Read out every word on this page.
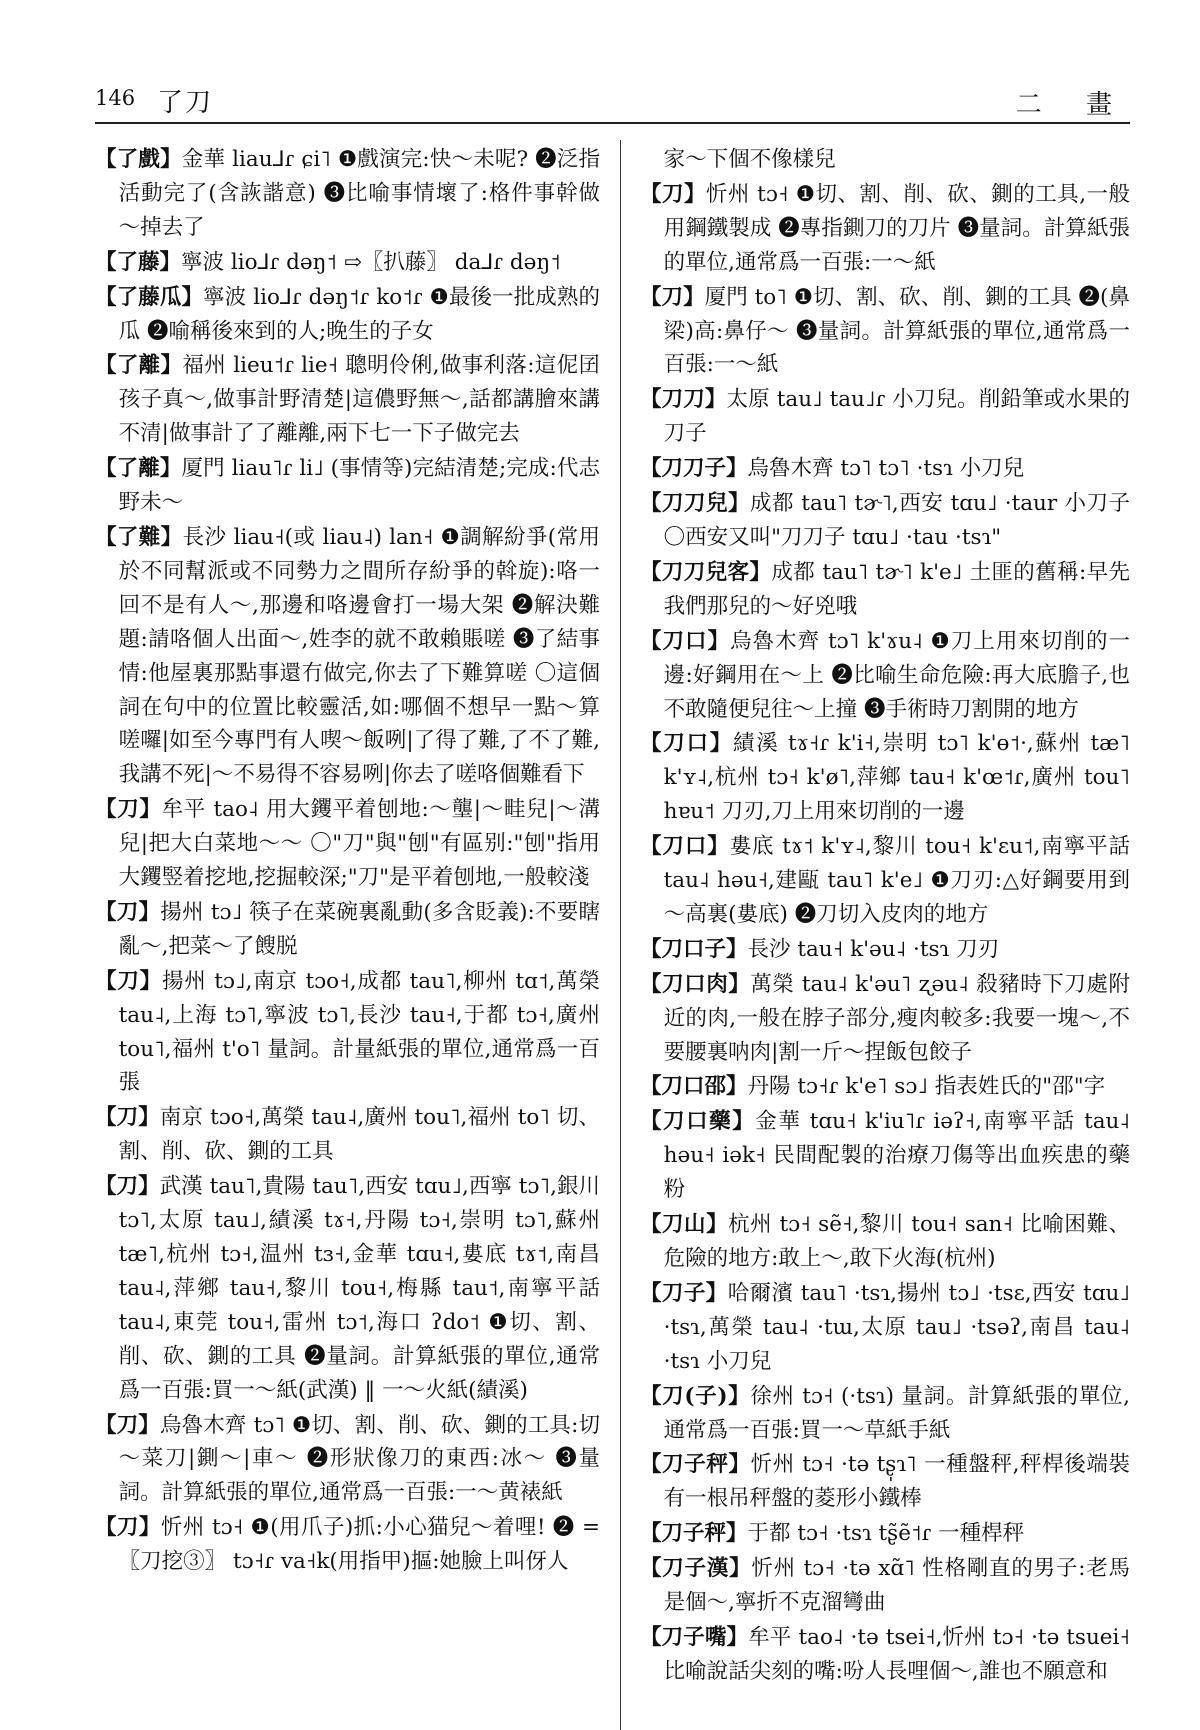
146 了刀	二 畫

【了戲】金華 liau⅃ɾ ɕi˥ ❶戲演完:快～未呢? ❷泛指活動完了(含詼諧意) ❸比喻事情壞了:格件事幹做～掉去了

【了藤】寧波 lio⅃ɾ dəŋ˦ ⇨〖扒藤〗 da⅃ɾ dəŋ˦

【了藤瓜】寧波 lio⅃ɾ dəŋ˦ɾ ko˦ɾ ❶最後一批成熟的瓜 ❷喻稱後來到的人;晚生的子女

【了離】福州 lieu˦ɾ lie˧ 聰明伶俐,做事利落:這伲囝孩子真～,做事計野清楚|這儂野無～,話都講膾來講不清|做事計了了離離,兩下七一下子做完去

【了離】厦門 liau˥ɾ li˩ (事情等)完結清楚;完成:代志野未～

【了難】長沙 liau˧(或 liau˨) lan˧ ❶調解紛爭(常用於不同幫派或不同勢力之間所存紛爭的斡旋):咯一回不是有人～,那邊和咯邊會打一場大架 ❷解決難題:請咯個人出面～,姓李的就不敢賴賬嗟 ❸了結事情:他屋裏那點事還冇做完,你去了下難算嗟 〇這個詞在句中的位置比較靈活,如:哪個不想早一點～算嗟囉|如至今專門有人喫～飯咧|了得了難,了不了難,我講不死|～不易得不容易咧|你去了嗟咯個難看下

【刀】牟平 tao˨ 用大钁平着刨地:～壟|～畦兒|～溝兒|把大白菜地～～ 〇"刀"與"刨"有區别:"刨"指用大钁竪着挖地,挖掘較深;"刀"是平着刨地,一般較淺

【刀】揚州 tɔ˩ 筷子在菜碗裏亂動(多含貶義):不要瞎亂～,把菜～了餿脱

【刀】揚州 tɔ˩,南京 tɔo˧,成都 tau˥,柳州 tɑ˦,萬榮 tau˨,上海 tɔ˥,寧波 tɔ˥,長沙 tau˧,于都 tɔ˧,廣州 tou˥,福州 t'o˥ 量詞。計量紙張的單位,通常爲一百張

【刀】南京 tɔo˧,萬榮 tau˨,廣州 tou˥,福州 to˥ 切、割、削、砍、鍘的工具

【刀】武漢 tau˥,貴陽 tau˥,西安 tɑu˩,西寧 tɔ˥,銀川 tɔ˥,太原 tau˩,績溪 tɤ˧,丹陽 tɔ˧,崇明 tɔ˥,蘇州 tæ˥,杭州 tɔ˧,温州 tɜ˧,金華 tɑu˧,婁底 tɤ˦,南昌 tau˨,萍鄉 tau˧,黎川 tou˧,梅縣 tau˦,南寧平話 tau˨,東莞 tou˧,雷州 tɔ˦,海口 ʔdo˦ ❶切、割、削、砍、鍘的工具 ❷量詞。計算紙張的單位,通常爲一百張:買一～紙(武漢) ‖ 一～火紙(績溪)

【刀】烏魯木齊 tɔ˥ ❶切、割、削、砍、鍘的工具:切～菜刀|鍘～|車～ ❷形狀像刀的東西:冰～ ❸量詞。計算紙張的單位,通常爲一百張:一～黄裱紙

【刀】忻州 tɔ˧ ❶(用爪子)抓:小心猫兒～着哩! ❷ =〖刀挖③〗 tɔ˧ɾ va˧k(用指甲)摳:她臉上叫伢人

家～下個不像樣兒

【刀】忻州 tɔ˧ ❶切、割、削、砍、鍘的工具,一般用鋼鐵製成 ❷專指鍘刀的刀片 ❸量詞。計算紙張的單位,通常爲一百張:一～紙

【刀】厦門 to˥ ❶切、割、砍、削、鍘的工具 ❷(鼻梁)高:鼻仔～ ❸量詞。計算紙張的單位,通常爲一百張:一～紙

【刀刀】太原 tau˩ tau˩ɾ 小刀兒。削鉛筆或水果的刀子

【刀刀子】烏魯木齊 tɔ˥ tɔ˥ ·tsɿ 小刀兒

【刀刀兒】成都 tau˥ tɚ˥,西安 tɑu˩ ·taur 小刀子 〇西安又叫"刀刀子 tɑu˩ ·tau ·tsɿ"

【刀刀兒客】成都 tau˥ tɚ˥ k'e˩ 土匪的舊稱:早先我們那兒的～好兇哦

【刀口】烏魯木齊 tɔ˥ k'ɤu˨ ❶刀上用來切削的一邊:好鋼用在～上 ❷比喻生命危險:再大底膽子,也不敢隨便兒往～上撞 ❸手術時刀割開的地方

【刀口】績溪 tɤ˧ɾ k'i˧,崇明 tɔ˥ k'ɵ˦·,蘇州 tæ˥ k'ʏ˨,杭州 tɔ˧ k'ø˥,萍鄉 tau˧ k'œ˦ɾ,廣州 tou˥ hɐu˦ 刀刃,刀上用來切削的一邊

【刀口】婁底 tɤ˦ k'ʏ˨,黎川 tou˧ k'ɛu˦,南寧平話 tau˨ həu˧,建甌 tau˥ k'e˩ ❶刀刃:△好鋼要用到～高裏(婁底) ❷刀切入皮肉的地方

【刀口子】長沙 tau˧ k'əu˨ ·tsɿ 刀刃

【刀口肉】萬榮 tau˨ k'əu˥ ʐəu˨ 殺豬時下刀處附近的肉,一般在脖子部分,瘦肉較多:我要一塊～,不要腰裏呐肉|割一斤～捏飯包餃子

【刀口邵】丹陽 tɔ˧ɾ k'e˥ sɔ˩ 指表姓氏的"邵"字

【刀口藥】金華 tɑu˧ k'iu˥ɾ iəʔ˧,南寧平話 tau˨ həu˧ iək˧ 民間配製的治療刀傷等出血疾患的藥粉

【刀山】杭州 tɔ˧ sẽ˧,黎川 tou˧ san˧ 比喻困難、危險的地方:敢上～,敢下火海(杭州)

【刀子】哈爾濱 tau˥ ·tsɿ,揚州 tɔ˩ ·tsɛ,西安 tɑu˩ ·tsɿ,萬榮 tau˨ ·tɯ,太原 tau˩ ·tsəʔ,南昌 tau˨ ·tsɿ 小刀兒

【刀(子)】徐州 tɔ˧ (·tsɿ) 量詞。計算紙張的單位,通常爲一百張:買一～草紙手紙

【刀子秤】忻州 tɔ˧ ·tə tʂ̩ɿ˥ 一種盤秤,秤桿後端裝有一根吊秤盤的菱形小鐵棒

【刀子秤】于都 tɔ˧ ·tsɿ tʂ̃ẽ˦ɾ 一種桿秤

【刀子漢】忻州 tɔ˧ ·tə xɑ̃˥ 性格剛直的男子:老馬是個～,寧折不克溜彎曲

【刀子嘴】牟平 tao˨ ·tə tsei˧,忻州 tɔ˧ ·tə tsuei˧ 比喻說話尖刻的嘴:吩人長哩個～,誰也不願意和
